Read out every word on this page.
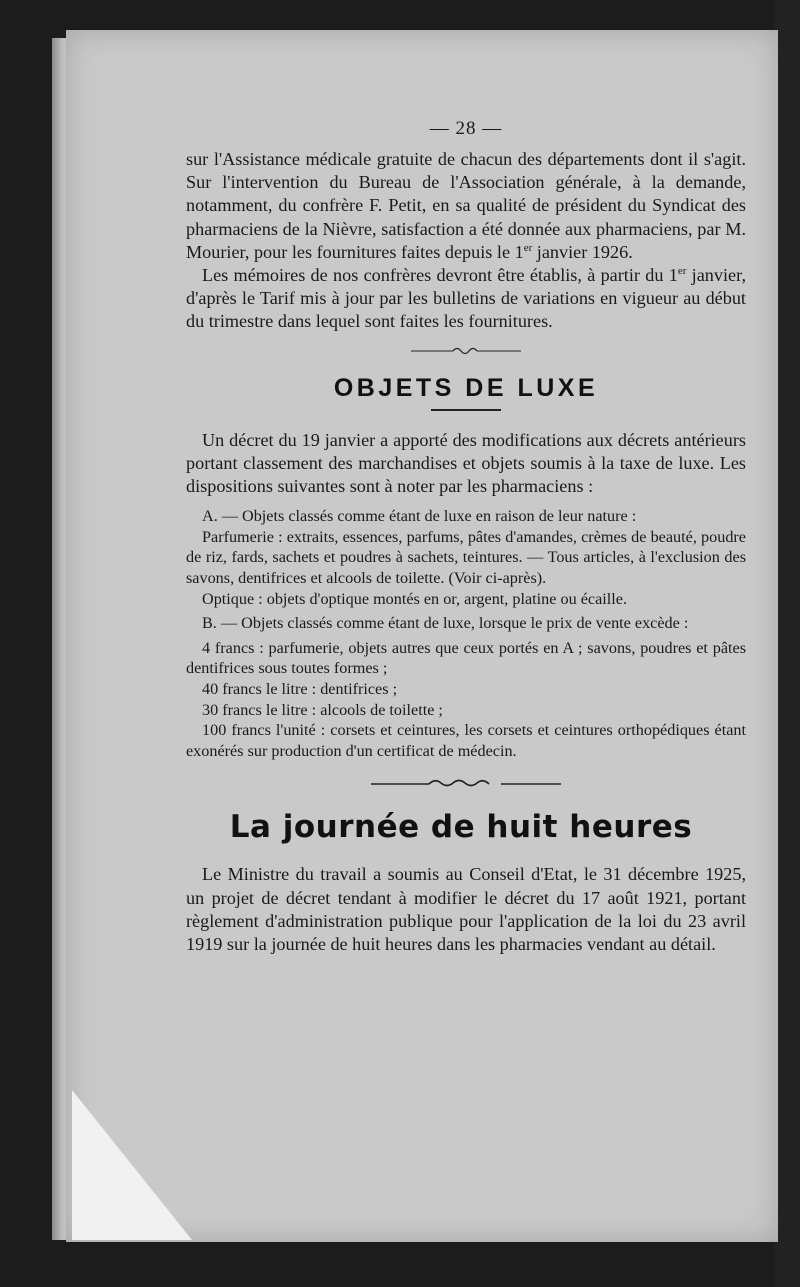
— 28 —

sur l'Assistance médicale gratuite de chacun des départements dont il s'agit. Sur l'intervention du Bureau de l'Association générale, à la demande, notamment, du confrère F. Petit, en sa qualité de président du Syndicat des pharmaciens de la Nièvre, satisfaction a été donnée aux pharmaciens, par M. Mourier, pour les fournitures faites depuis le 1er janvier 1926.

Les mémoires de nos confrères devront être établis, à partir du 1er janvier, d'après le Tarif mis à jour par les bulletins de variations en vigueur au début du trimestre dans lequel sont faites les fournitures.

OBJETS DE LUXE

Un décret du 19 janvier a apporté des modifications aux décrets antérieurs portant classement des marchandises et objets soumis à la taxe de luxe. Les dispositions suivantes sont à noter par les pharmaciens :

A. — Objets classés comme étant de luxe en raison de leur nature :

Parfumerie : extraits, essences, parfums, pâtes d'amandes, crèmes de beauté, poudre de riz, fards, sachets et poudres à sachets, teintures. — Tous articles, à l'exclusion des savons, dentifrices et alcools de toilette. (Voir ci-après).

Optique : objets d'optique montés en or, argent, platine ou écaille.

B. — Objets classés comme étant de luxe, lorsque le prix de vente excède :

4 francs : parfumerie, objets autres que ceux portés en A ; savons, poudres et pâtes dentifrices sous toutes formes ;

40 francs le litre : dentifrices ;

30 francs le litre : alcools de toilette ;

100 francs l'unité : corsets et ceintures, les corsets et ceintures orthopédiques étant exonérés sur production d'un certificat de médecin.

La journée de huit heures

Le Ministre du travail a soumis au Conseil d'Etat, le 31 décembre 1925, un projet de décret tendant à modifier le décret du 17 août 1921, portant règlement d'administration publique pour l'application de la loi du 23 avril 1919 sur la journée de huit heures dans les pharmacies vendant au détail.
